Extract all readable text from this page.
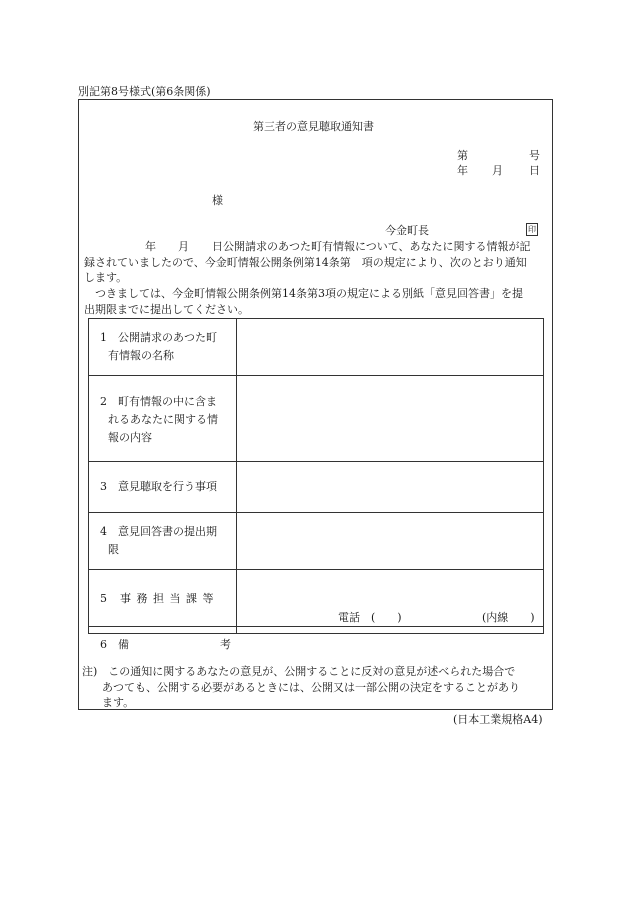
別記第8号様式(第6条関係)
第三者の意見聴取通知書
第	号
年 月 日
様
今金町長	印
年 月 日公開請求のあつた町有情報について、あなたに関する情報が記
録されていましたので、今金町情報公開条例第14条第　項の規定により、次のとおり通知
します。
つきましては、今金町情報公開条例第14条第3項の規定による別紙「意見回答書」を提
出期限までに提出してください。
1　公開請求のあつた町
有情報の名称
2　町有情報の中に含ま
れるあなたに関する情
報の内容
3　意見聴取を行う事項
4　意見回答書の提出期
限
5　事 務 担 当 課 等
電話　(　　)	(内線　　)
6　備	考
注)　この通知に関するあなたの意見が、公開することに反対の意見が述べられた場合で
あつても、公開する必要があるときには、公開又は一部公開の決定をすることがあり
ます。
(日本工業規格A4)
